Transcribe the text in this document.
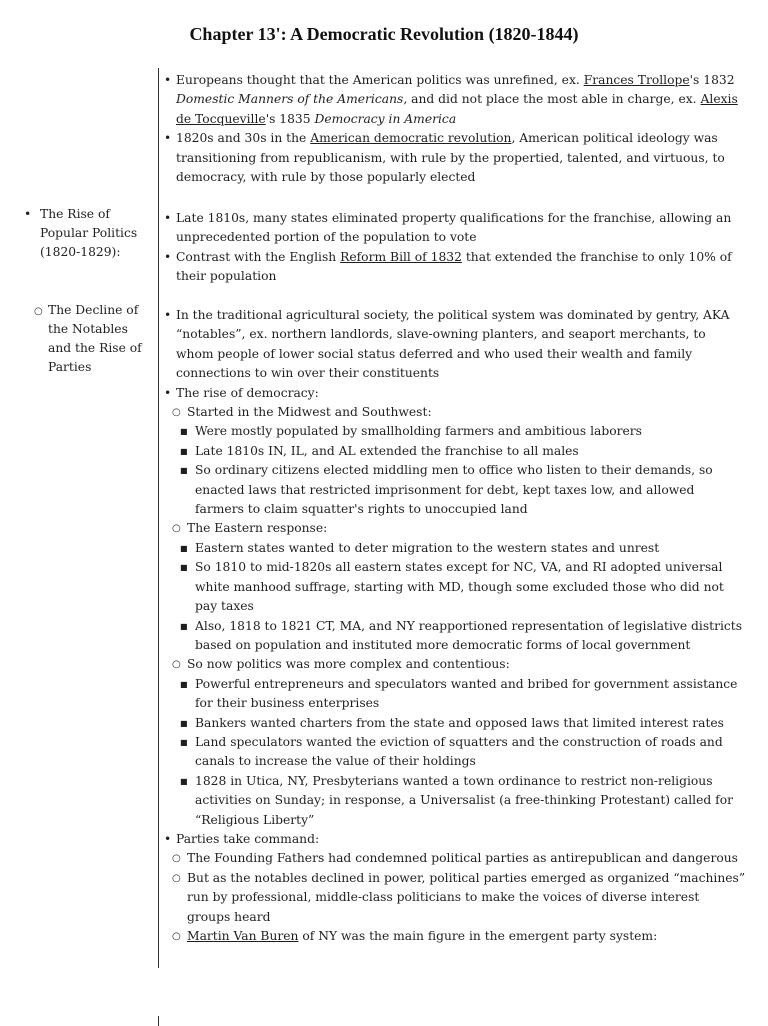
Chapter 13': A Democratic Revolution (1820-1844)
• The Rise of Popular Politics (1820-1829):
○ The Decline of the Notables and the Rise of Parties
• Europeans thought that the American politics was unrefined, ex. Frances Trollope's 1832 Domestic Manners of the Americans, and did not place the most able in charge, ex. Alexis de Tocqueville's 1835 Democracy in America
• 1820s and 30s in the American democratic revolution, American political ideology was transitioning from republicanism, with rule by the propertied, talented, and virtuous, to democracy, with rule by those popularly elected
• Late 1810s, many states eliminated property qualifications for the franchise, allowing an unprecedented portion of the population to vote
• Contrast with the English Reform Bill of 1832 that extended the franchise to only 10% of their population
• In the traditional agricultural society, the political system was dominated by gentry, AKA “notables”, ex. northern landlords, slave-owning planters, and seaport merchants, to whom people of lower social status deferred and who used their wealth and family connections to win over their constituents
• The rise of democracy:
○ Started in the Midwest and Southwest:
■ Were mostly populated by smallholding farmers and ambitious laborers
■ Late 1810s IN, IL, and AL extended the franchise to all males
■ So ordinary citizens elected middling men to office who listen to their demands, so enacted laws that restricted imprisonment for debt, kept taxes low, and allowed farmers to claim squatter's rights to unoccupied land
○ The Eastern response:
■ Eastern states wanted to deter migration to the western states and unrest
■ So 1810 to mid-1820s all eastern states except for NC, VA, and RI adopted universal white manhood suffrage, starting with MD, though some excluded those who did not pay taxes
■ Also, 1818 to 1821 CT, MA, and NY reapportioned representation of legislative districts based on population and instituted more democratic forms of local government
○ So now politics was more complex and contentious:
■ Powerful entrepreneurs and speculators wanted and bribed for government assistance for their business enterprises
■ Bankers wanted charters from the state and opposed laws that limited interest rates
■ Land speculators wanted the eviction of squatters and the construction of roads and canals to increase the value of their holdings
■ 1828 in Utica, NY, Presbyterians wanted a town ordinance to restrict non-religious activities on Sunday; in response, a Universalist (a free-thinking Protestant) called for “Religious Liberty”
• Parties take command:
○ The Founding Fathers had condemned political parties as antirepublican and dangerous
○ But as the notables declined in power, political parties emerged as organized “machines” run by professional, middle-class politicians to make the voices of diverse interest groups heard
○ Martin Van Buren of NY was the main figure in the emergent party system:
